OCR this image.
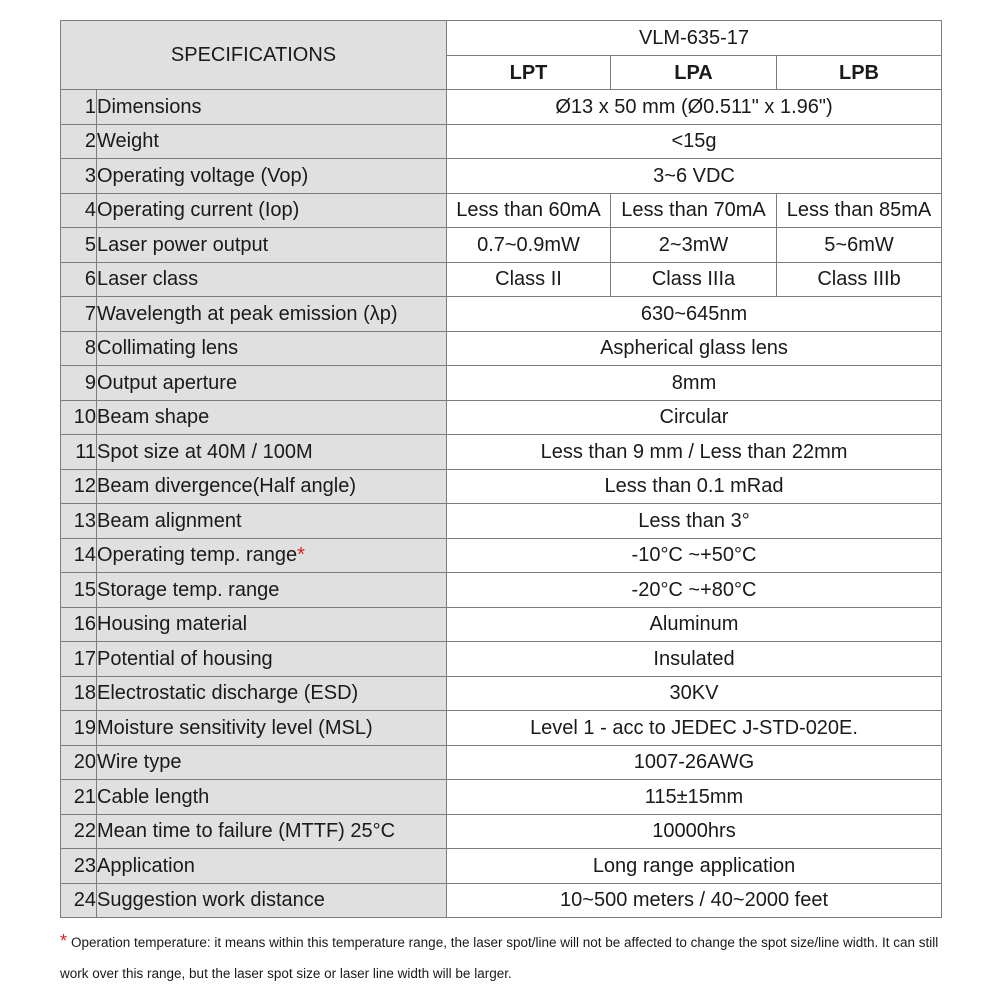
SPECIFICATIONS		VLM-635-17		
		LPT	LPA	LPB
1	Dimensions	Ø13 x 50 mm (Ø0.511" x 1.96")		
2	Weight	<15g		
3	Operating voltage (Vop)	3~6 VDC		
4	Operating current (Iop)	Less than 60mA	Less than 70mA	Less than 85mA
5	Laser power output	0.7~0.9mW	2~3mW	5~6mW
6	Laser class	Class II	Class IIIa	Class IIIb
7	Wavelength at peak emission (λp)	630~645nm		
8	Collimating lens	Aspherical glass lens		
9	Output aperture	8mm		
10	Beam shape	Circular		
11	Spot size at 40M / 100M	Less than 9 mm / Less than 22mm		
12	Beam divergence(Half angle)	Less than 0.1 mRad		
13	Beam alignment	Less than 3°		
14	Operating temp. range*	-10°C ~+50°C		
15	Storage temp. range	-20°C ~+80°C		
16	Housing material	Aluminum		
17	Potential of housing	Insulated		
18	Electrostatic discharge (ESD)	30KV		
19	Moisture sensitivity level (MSL)	Level 1 - acc to JEDEC J-STD-020E.		
20	Wire type	1007-26AWG		
21	Cable length	115±15mm		
22	Mean time to failure (MTTF) 25°C	10000hrs		
23	Application	Long range application		
24	Suggestion work distance	10~500 meters / 40~2000 feet		
* Operation temperature: it means within this temperature range, the laser spot/line will not be affected to change the spot size/line width. It can still work over this range, but the laser spot size or laser line width will be larger.
